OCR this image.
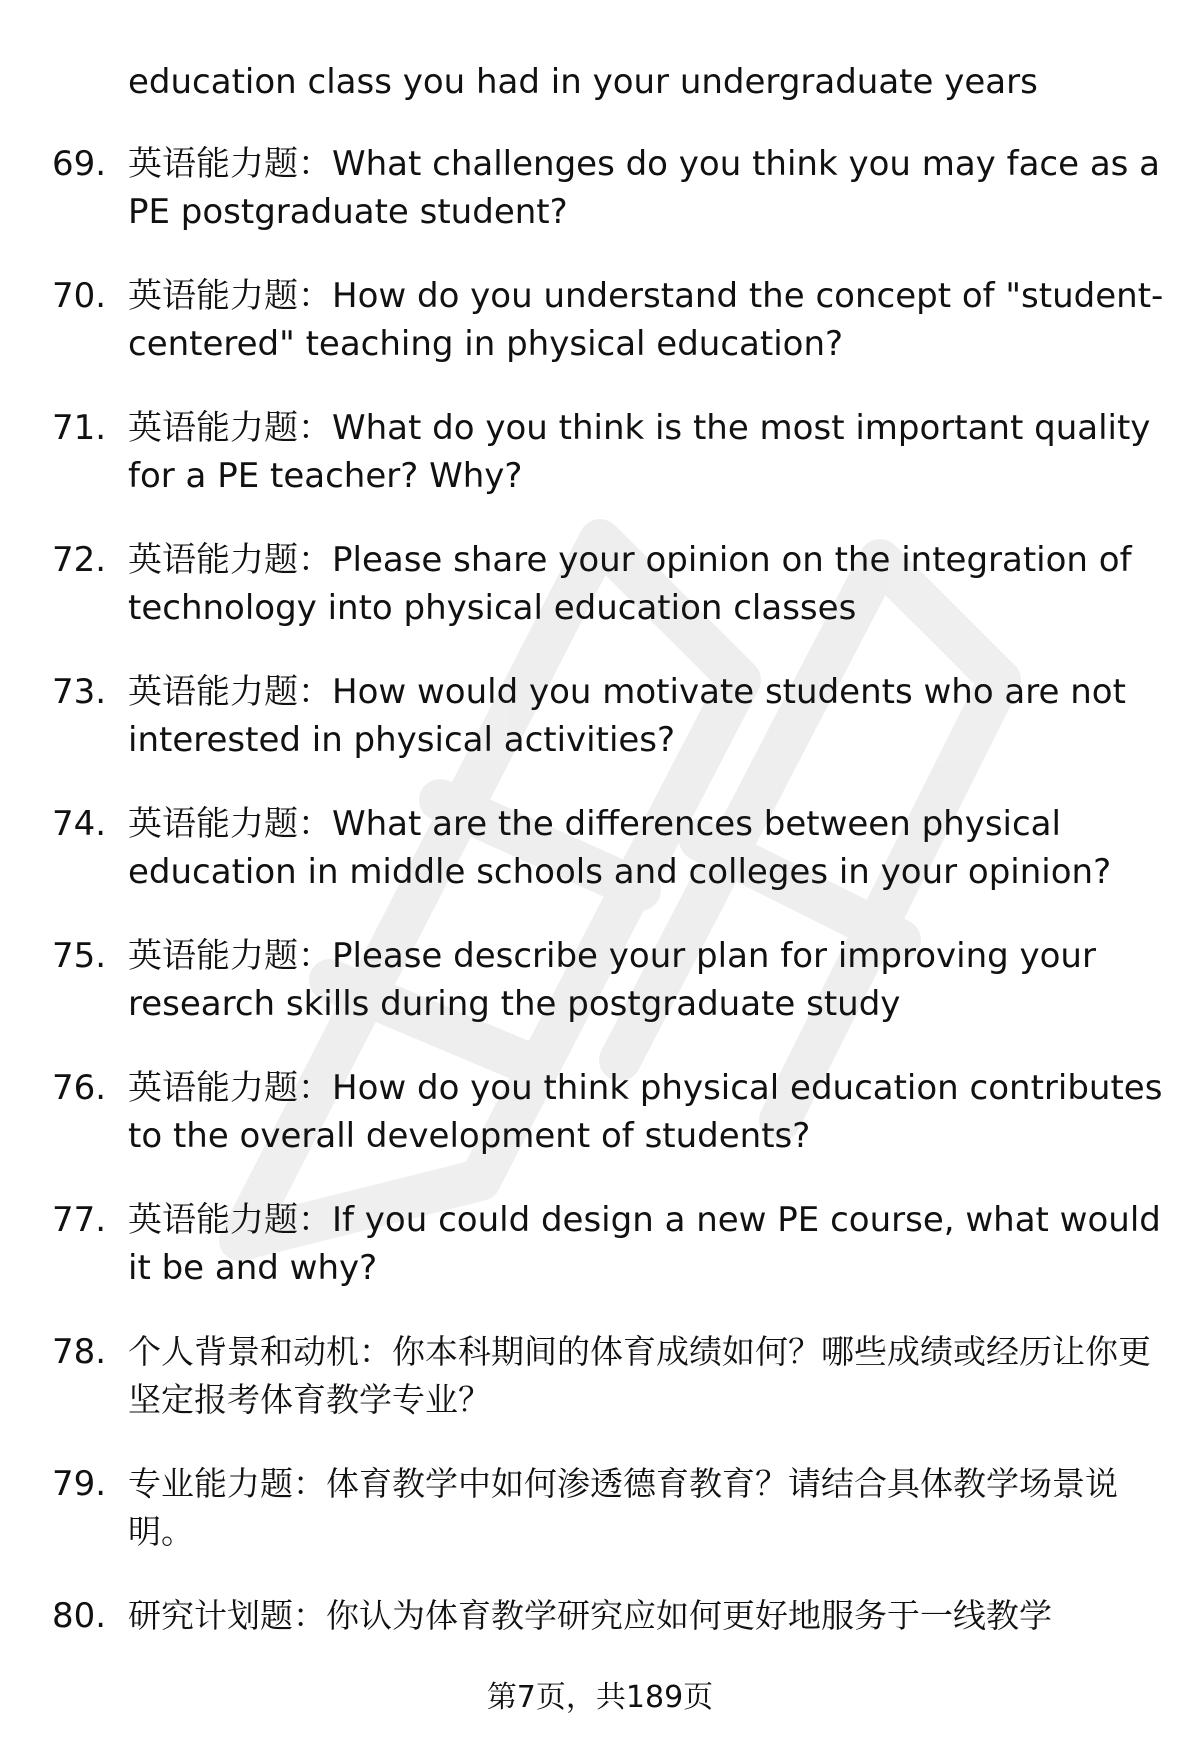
education class you had in your undergraduate years
69. 英语能力题：What challenges do you think you may face as a PE postgraduate student?
70. 英语能力题：How do you understand the concept of "student-centered" teaching in physical education?
71. 英语能力题：What do you think is the most important quality for a PE teacher? Why?
72. 英语能力题：Please share your opinion on the integration of technology into physical education classes
73. 英语能力题：How would you motivate students who are not interested in physical activities?
74. 英语能力题：What are the differences between physical education in middle schools and colleges in your opinion?
75. 英语能力题：Please describe your plan for improving your research skills during the postgraduate study
76. 英语能力题：How do you think physical education contributes to the overall development of students?
77. 英语能力题：If you could design a new PE course, what would it be and why?
78. 个人背景和动机：你本科期间的体育成绩如何？哪些成绩或经历让你更坚定报考体育教学专业？
79. 专业能力题：体育教学中如何渗透德育教育？请结合具体教学场景说明。
80. 研究计划题：你认为体育教学研究应如何更好地服务于一线教学
第7页，共189页
